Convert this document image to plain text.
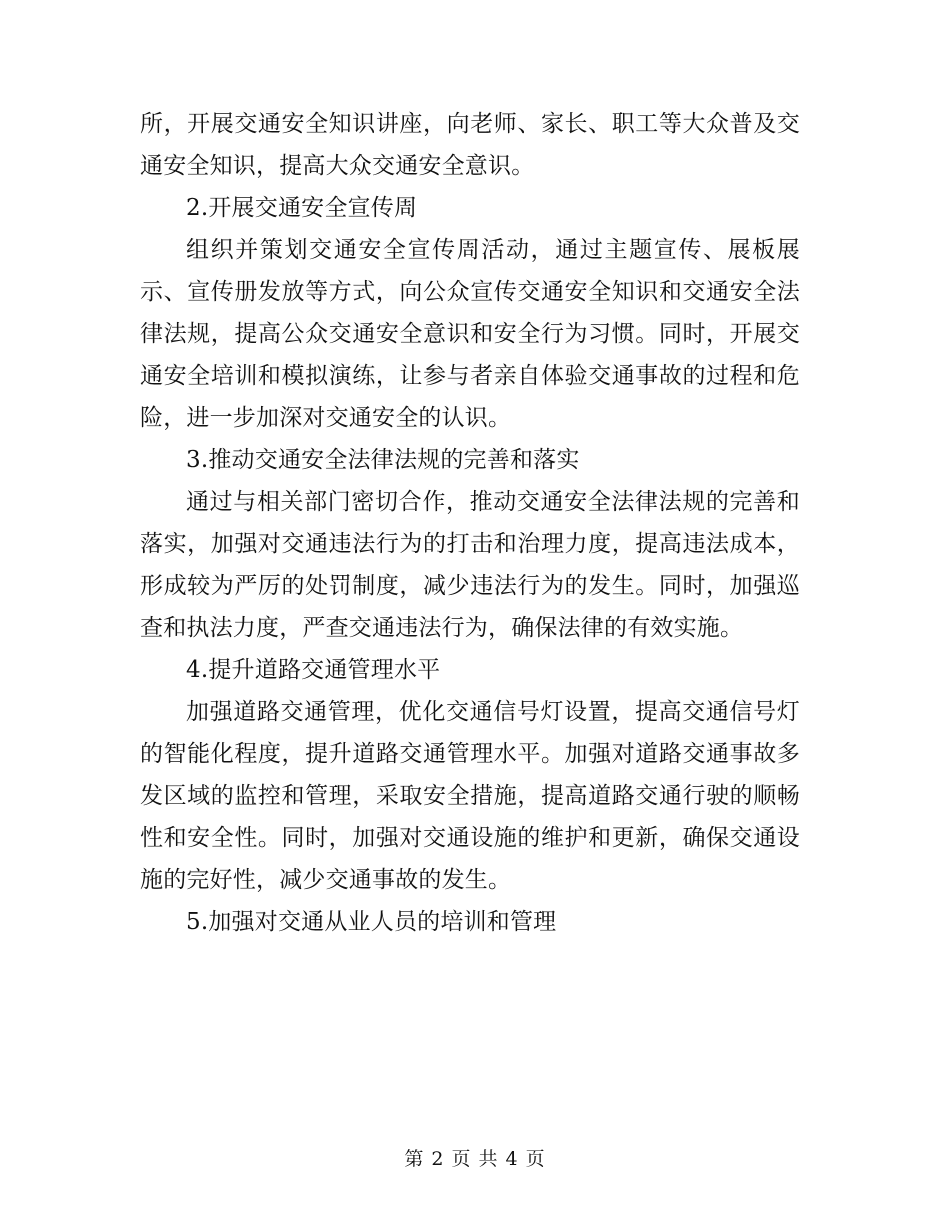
所，开展交通安全知识讲座，向老师、家长、职工等大众普及交通安全知识，提高大众交通安全意识。

2.开展交通安全宣传周

组织并策划交通安全宣传周活动，通过主题宣传、展板展示、宣传册发放等方式，向公众宣传交通安全知识和交通安全法律法规，提高公众交通安全意识和安全行为习惯。同时，开展交通安全培训和模拟演练，让参与者亲自体验交通事故的过程和危险，进一步加深对交通安全的认识。

3.推动交通安全法律法规的完善和落实

通过与相关部门密切合作，推动交通安全法律法规的完善和落实，加强对交通违法行为的打击和治理力度，提高违法成本，形成较为严厉的处罚制度，减少违法行为的发生。同时，加强巡查和执法力度，严查交通违法行为，确保法律的有效实施。

4.提升道路交通管理水平

加强道路交通管理，优化交通信号灯设置，提高交通信号灯的智能化程度，提升道路交通管理水平。加强对道路交通事故多发区域的监控和管理，采取安全措施，提高道路交通行驶的顺畅性和安全性。同时，加强对交通设施的维护和更新，确保交通设施的完好性，减少交通事故的发生。

5.加强对交通从业人员的培训和管理

第 2 页 共 4 页
